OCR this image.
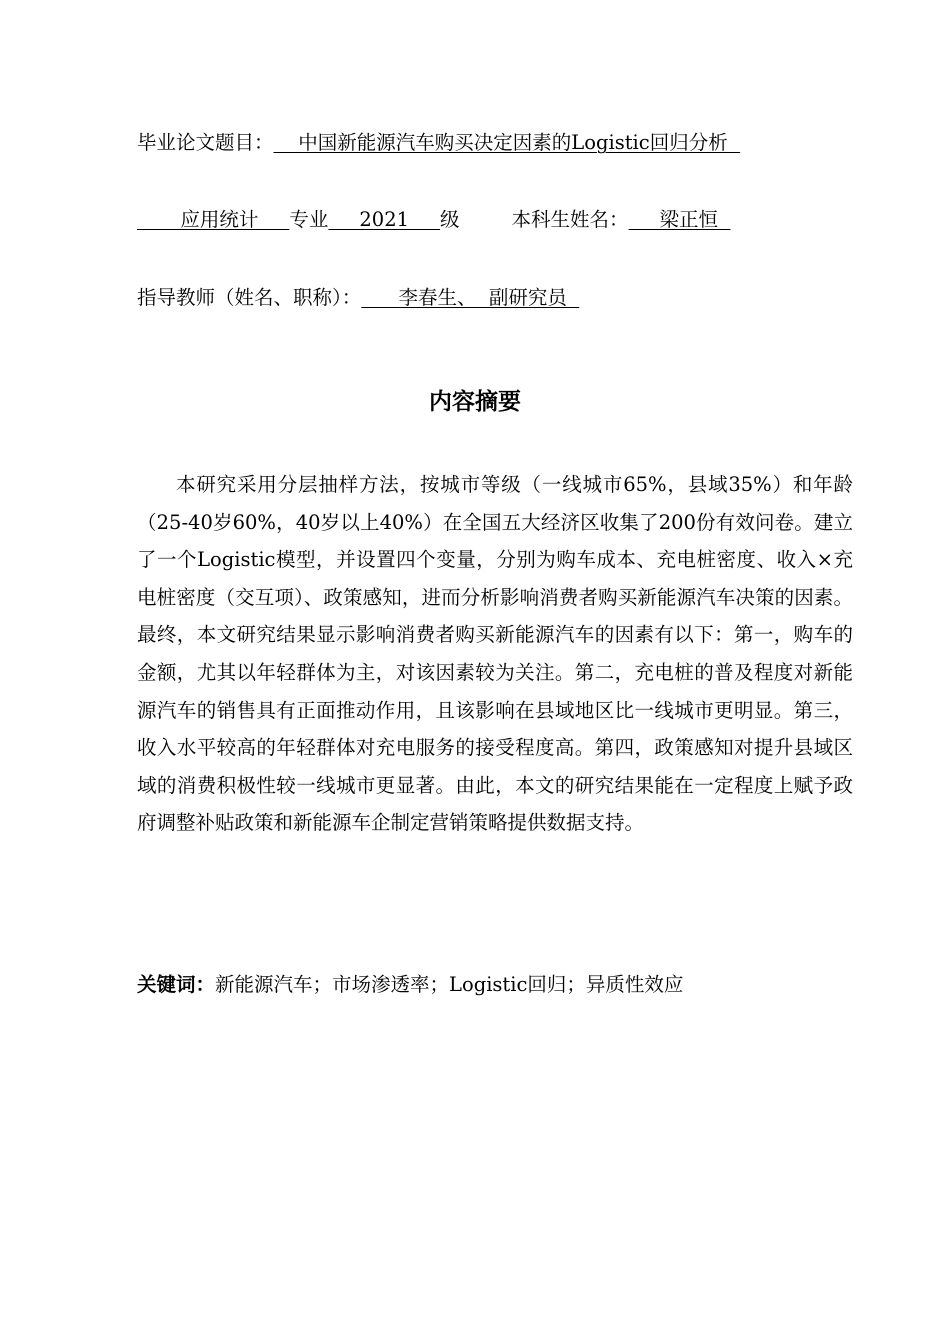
毕业论文题目：    中国新能源汽车购买决定因素的Logistic回归分析
应用统计     专业     2021     级	本科生姓名：     梁正恒
指导教师（姓名、职称）：      李春生、  副研究员
内容摘要
本研究采用分层抽样方法，按城市等级（一线城市65%，县域35%）和年龄（25-40岁60%，40岁以上40%）在全国五大经济区收集了200份有效问卷。建立了一个Logistic模型，并设置四个变量，分别为购车成本、充电桩密度、收入×充电桩密度（交互项）、政策感知，进而分析影响消费者购买新能源汽车决策的因素。最终，本文研究结果显示影响消费者购买新能源汽车的因素有以下：第一，购车的金额，尤其以年轻群体为主，对该因素较为关注。第二，充电桩的普及程度对新能源汽车的销售具有正面推动作用，且该影响在县域地区比一线城市更明显。第三，收入水平较高的年轻群体对充电服务的接受程度高。第四，政策感知对提升县域区域的消费积极性较一线城市更显著。由此，本文的研究结果能在一定程度上赋予政府调整补贴政策和新能源车企制定营销策略提供数据支持。
关键词：新能源汽车；市场渗透率；Logistic回归；异质性效应
